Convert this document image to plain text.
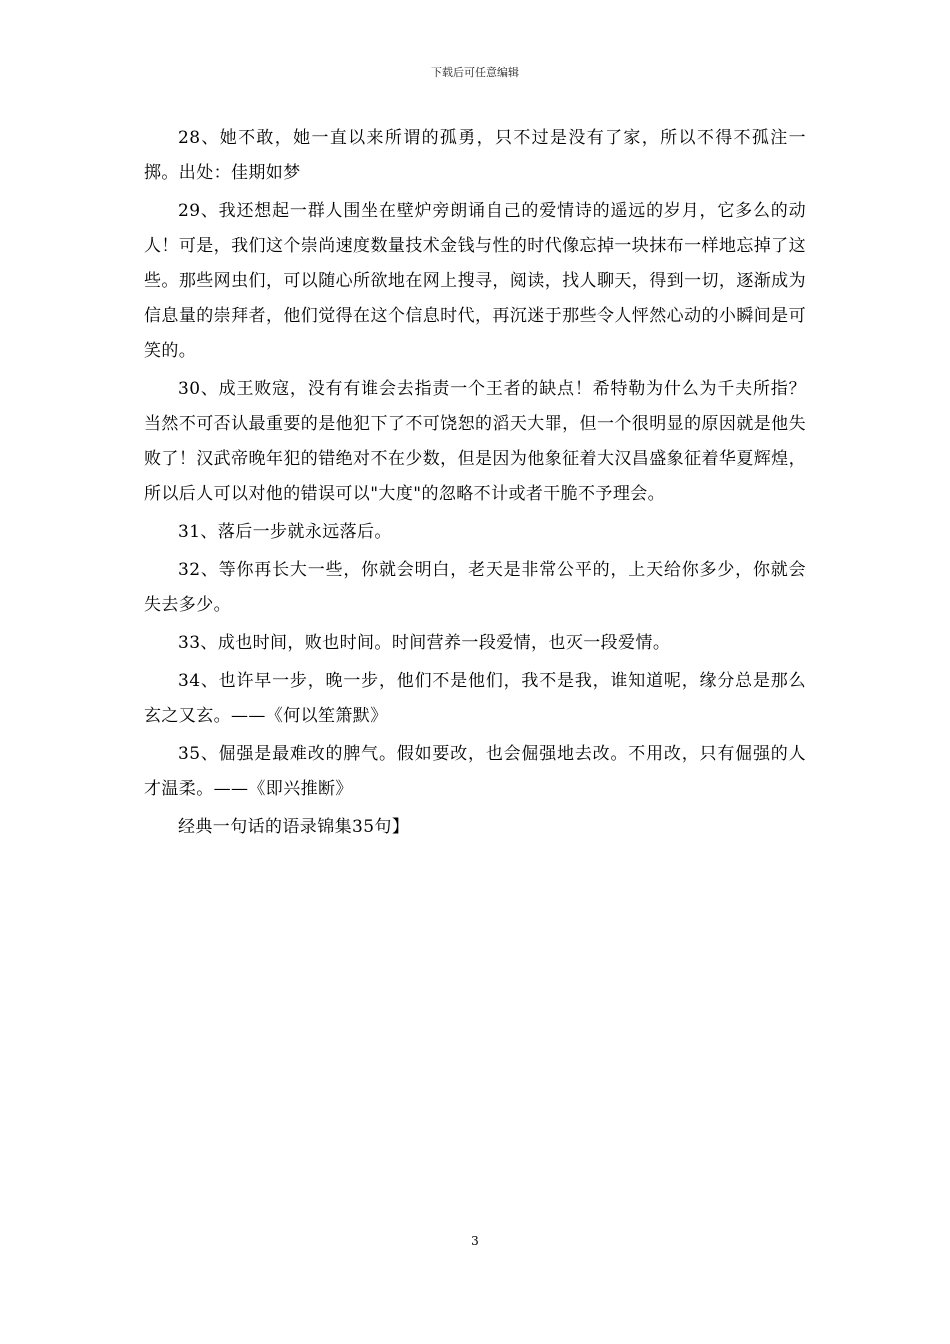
下载后可任意编辑

28、她不敢，她一直以来所谓的孤勇，只不过是没有了家，所以不得不孤注一掷。出处：佳期如梦

29、我还想起一群人围坐在壁炉旁朗诵自己的爱情诗的遥远的岁月，它多么的动人！可是，我们这个崇尚速度数量技术金钱与性的时代像忘掉一块抹布一样地忘掉了这些。那些网虫们，可以随心所欲地在网上搜寻，阅读，找人聊天，得到一切，逐渐成为信息量的崇拜者，他们觉得在这个信息时代，再沉迷于那些令人怦然心动的小瞬间是可笑的。

30、成王败寇，没有有谁会去指责一个王者的缺点！希特勒为什么为千夫所指？当然不可否认最重要的是他犯下了不可饶恕的滔天大罪，但一个很明显的原因就是他失败了！汉武帝晚年犯的错绝对不在少数，但是因为他象征着大汉昌盛象征着华夏辉煌，所以后人可以对他的错误可以"大度"的忽略不计或者干脆不予理会。

31、落后一步就永远落后。

32、等你再长大一些，你就会明白，老天是非常公平的，上天给你多少，你就会失去多少。

33、成也时间，败也时间。时间营养一段爱情，也灭一段爱情。

34、也许早一步，晚一步，他们不是他们，我不是我，谁知道呢，缘分总是那么玄之又玄。——《何以笙箫默》

35、倔强是最难改的脾气。假如要改，也会倔强地去改。不用改，只有倔强的人才温柔。——《即兴推断》

经典一句话的语录锦集35句】

3
